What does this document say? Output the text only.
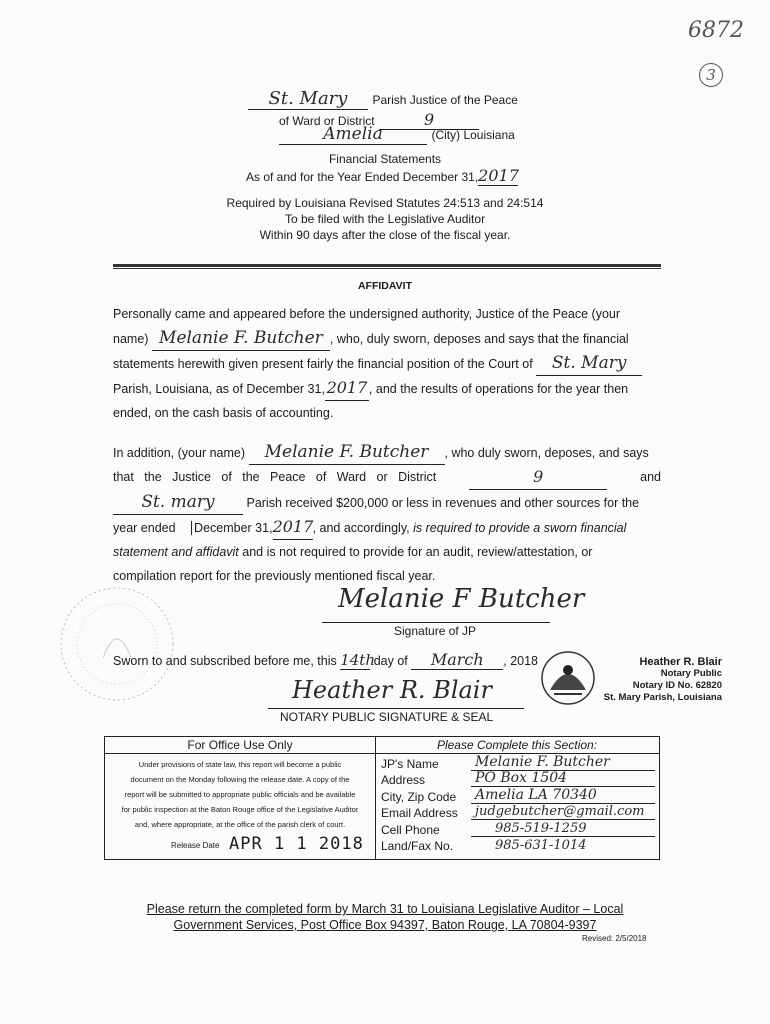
6872
3
St. Mary Parish Justice of the Peace
of Ward or District	9
Amelia	(City) Louisiana
Financial Statements
As of and for the Year Ended December 31,2017
Required by Louisiana Revised Statutes 24:513 and 24:514
To be filed with the Legislative Auditor
Within 90 days after the close of the fiscal year.
AFFIDAVIT
Personally came and appeared before the undersigned authority, Justice of the Peace (your
name) Melanie F. Butcher , who, duly sworn, deposes and says that the financial
statements herewith given present fairly the financial position of the Court of St. Mary
Parish, Louisiana, as of December 31, 2017 , and the results of operations for the year then
ended, on the cash basis of accounting.
In addition, (your name) Melanie F. Butcher , who duly sworn, deposes, and says
that   the   Justice   of   the   Peace   of   Ward   or   District	9	and
St. mary	Parish received $200,000 or less in revenues and other sources for the
year ended December 31,2017, and accordingly, is required to provide a sworn financial
statement and affidavit and is not required to provide for an audit, review/attestation, or
compilation report for the previously mentioned fiscal year.
Melanie F Butcher
Signature of JP
Sworn to and subscribed before me, this 14th day of March , 2018	Heather R. Blair
Notary Public
Notary ID No. 62820
St. Mary Parish, Louisiana
Heather R. Blair
NOTARY PUBLIC SIGNATURE & SEAL
For Office Use Only
Under provisions of state law, this report will become a public
document on the Monday following the release date. A copy of the
report will be submitted to appropriate public officials and be available
for public inspection at the Baton Rouge office of the Legislative Auditor
and, where appropriate, at the office of the parish clerk of court.
Release Date APR 1 1 2018
Please Complete this Section:
JP's Name	Melanie F. Butcher
Address	PO Box 1504
City, Zip Code	Amelia LA 70340
Email Address	judgebutcher@gmail.com
Cell Phone	985-519-1259
Land/Fax No.	985-631-1014
Please return the completed form by March 31 to Louisiana Legislative Auditor – Local
Government Services, Post Office Box 94397, Baton Rouge, LA 70804-9397
Revised: 2/5/2018
